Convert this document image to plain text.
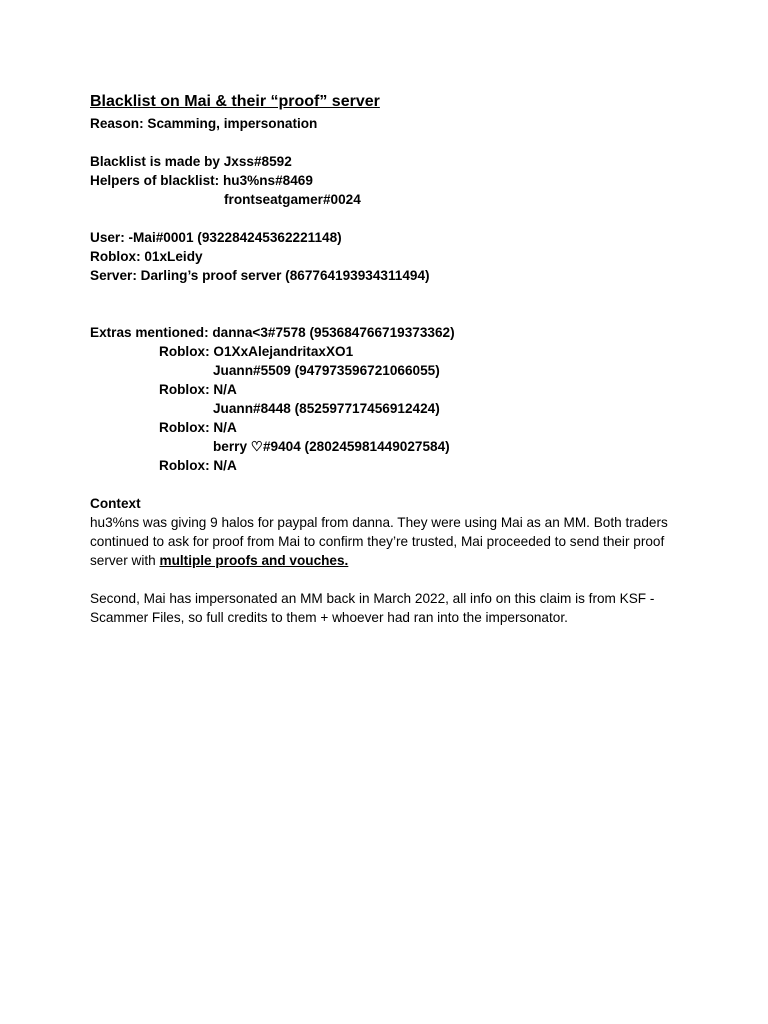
Blacklist on Mai & their “proof” server
Reason: Scamming, impersonation
Blacklist is made by Jxss#8592
Helpers of blacklist: hu3%ns#8469
frontseatgamer#0024
User: -Mai#0001 (932284245362221148)
Roblox: 01xLeidy
Server: Darling’s proof server (867764193934311494)
Extras mentioned: danna<3#7578 (953684766719373362)
Roblox: O1XxAlejandritaxXO1
Juann#5509 (947973596721066055)
Roblox: N/A
Juann#8448 (852597717456912424)
Roblox: N/A
berry ♡#9404 (280245981449027584)
Roblox: N/A
Context

hu3%ns was giving 9 halos for paypal from danna. They were using Mai as an MM. Both traders continued to ask for proof from Mai to confirm they’re trusted, Mai proceeded to send their proof server with multiple proofs and vouches.

Second, Mai has impersonated an MM back in March 2022, all info on this claim is from KSF - Scammer Files, so full credits to them + whoever had ran into the impersonator.
